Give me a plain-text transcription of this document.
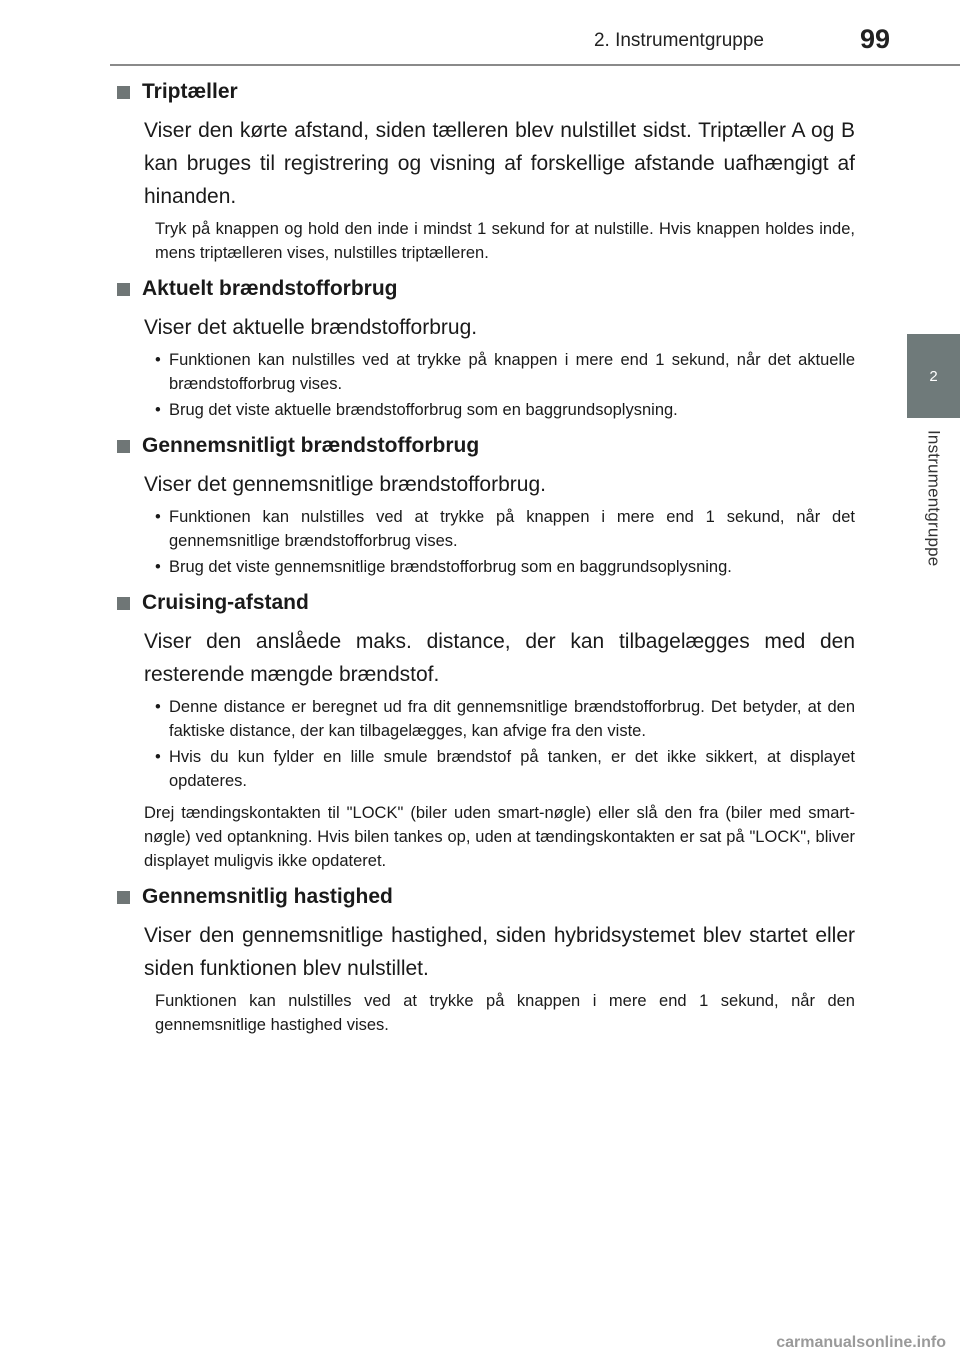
2. Instrumentgruppe	99
2
Instrumentgruppe
Triptæller

Viser den kørte afstand, siden tælleren blev nulstillet sidst. Triptæller A og B kan bruges til registrering og visning af forskellige afstande uafhængigt af hinanden.

Tryk på knappen og hold den inde i mindst 1 sekund for at nulstille. Hvis knappen holdes inde, mens triptælleren vises, nulstilles triptælleren.

Aktuelt brændstofforbrug

Viser det aktuelle brændstofforbrug.

• Funktionen kan nulstilles ved at trykke på knappen i mere end 1 sekund, når det aktuelle brændstofforbrug vises.
• Brug det viste aktuelle brændstofforbrug som en baggrundsoplysning.
Gennemsnitligt brændstofforbrug

Viser det gennemsnitlige brændstofforbrug.

• Funktionen kan nulstilles ved at trykke på knappen i mere end 1 sekund, når det gennemsnitlige brændstofforbrug vises.
• Brug det viste gennemsnitlige brændstofforbrug som en baggrundsoplysning.
Cruising-afstand

Viser den anslåede maks. distance, der kan tilbagelægges med den resterende mængde brændstof.

• Denne distance er beregnet ud fra dit gennemsnitlige brændstofforbrug. Det betyder, at den faktiske distance, der kan tilbagelægges, kan afvige fra den viste.
• Hvis du kun fylder en lille smule brændstof på tanken, er det ikke sikkert, at displayet opdateres.

Drej tændingskontakten til "LOCK" (biler uden smart-nøgle) eller slå den fra (biler med smart-nøgle) ved optankning. Hvis bilen tankes op, uden at tændingskontakten er sat på "LOCK", bliver displayet muligvis ikke opdateret.

Gennemsnitlig hastighed

Viser den gennemsnitlige hastighed, siden hybridsystemet blev startet eller siden funktionen blev nulstillet.

Funktionen kan nulstilles ved at trykke på knappen i mere end 1 sekund, når den gennemsnitlige hastighed vises.

carmanualsonline.info
